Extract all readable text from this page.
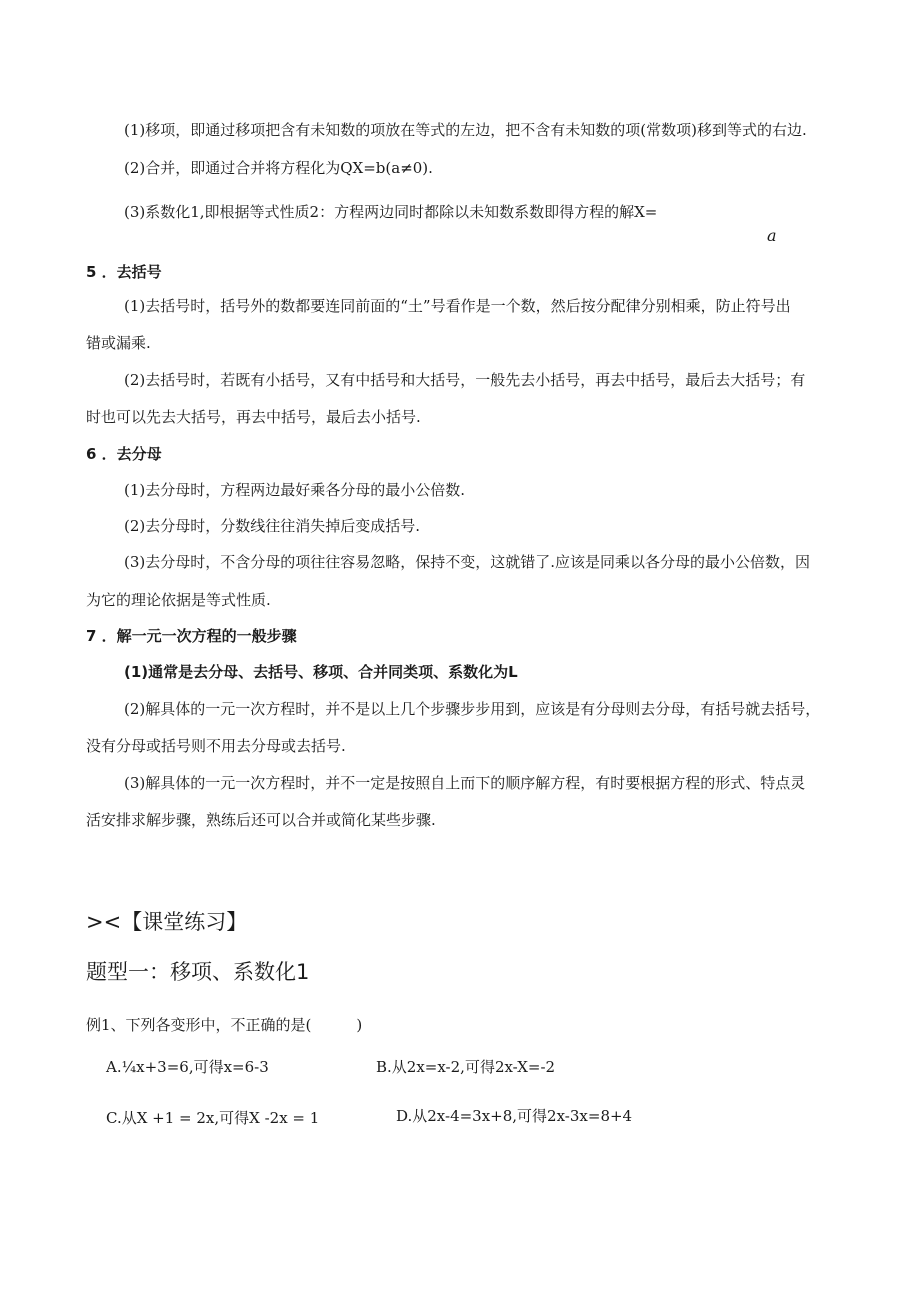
(1)移项，即通过移项把含有未知数的项放在等式的左边，把不含有未知数的项(常数项)移到等式的右边.
(2)合并，即通过合并将方程化为QX=b(a≠0).
(3)系数化1,即根据等式性质2：方程两边同时都除以未知数系数即得方程的解X=
a
5 ．去括号
(1)去括号时，括号外的数都要连同前面的“土”号看作是一个数，然后按分配律分别相乘，防止符号出
错或漏乘.
(2)去括号时，若既有小括号，又有中括号和大括号，一般先去小括号，再去中括号，最后去大括号；有
时也可以先去大括号，再去中括号，最后去小括号.
6 ．去分母
(1)去分母时，方程两边最好乘各分母的最小公倍数.
(2)去分母时，分数线往往消失掉后变成括号.
(3)去分母时，不含分母的项往往容易忽略，保持不变，这就错了.应该是同乘以各分母的最小公倍数，因
为它的理论依据是等式性质.
7 ．解一元一次方程的一般步骤
(1)通常是去分母、去括号、移项、合并同类项、系数化为L
(2)解具体的一元一次方程时，并不是以上几个步骤步步用到，应该是有分母则去分母，有括号就去括号，
没有分母或括号则不用去分母或去括号.
(3)解具体的一元一次方程时，并不一定是按照自上而下的顺序解方程，有时要根据方程的形式、特点灵
活安排求解步骤，熟练后还可以合并或简化某些步骤.
><【课堂练习】
题型一：移项、系数化1
例1、下列各变形中，不正确的是(　　　)
A.¼x+3=6,可得x=6-3	B.从2x=x-2,可得2x-X=-2
C.从X +1 = 2x,可得X -2x = 1	D.从2x-4=3x+8,可得2x-3x=8+4
